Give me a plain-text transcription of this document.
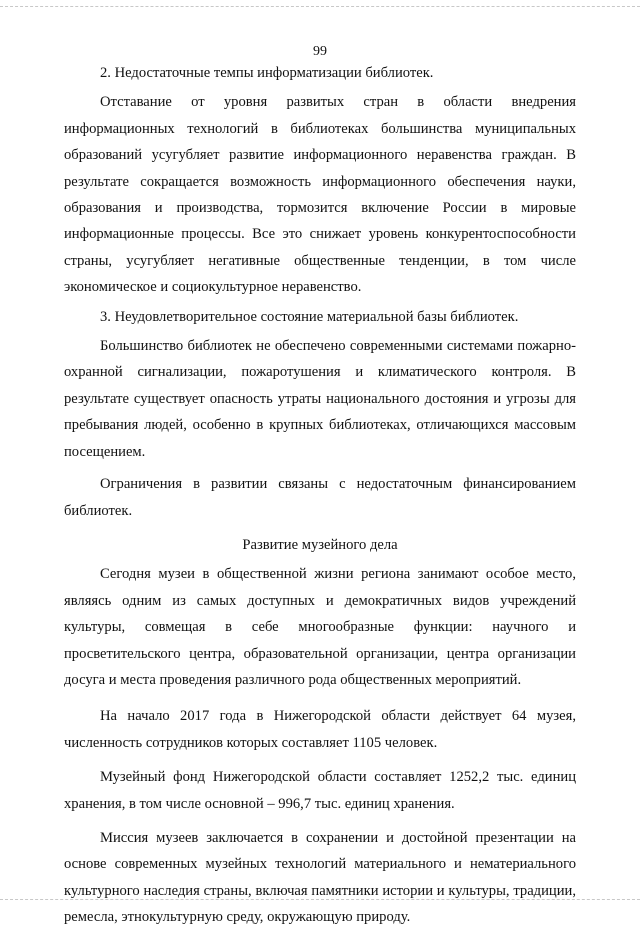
99

2. Недостаточные темпы информатизации библиотек.

Отставание от уровня развитых стран в области внедрения информационных технологий в библиотеках большинства муниципальных образований усугубляет развитие информационного неравенства граждан. В результате сокращается возможность информационного обеспечения науки, образования и производства, тормозится включение России в мировые информационные процессы. Все это снижает уровень конкурентоспособности страны, усугубляет негативные общественные тенденции, в том числе экономическое и социокультурное неравенство.

3. Неудовлетворительное состояние материальной базы библиотек.

Большинство библиотек не обеспечено современными системами пожарно-охранной сигнализации, пожаротушения и климатического контроля. В результате существует опасность утраты национального достояния и угрозы для пребывания людей, особенно в крупных библиотеках, отличающихся массовым посещением.

Ограничения в развитии связаны с недостаточным финансированием библиотек.

Развитие музейного дела

Сегодня музеи в общественной жизни региона занимают особое место, являясь одним из самых доступных и демократичных видов учреждений культуры, совмещая в себе многообразные функции: научного и просветительского центра, образовательной организации, центра организации досуга и места проведения различного рода общественных мероприятий.

На начало 2017 года в Нижегородской области действует 64 музея, численность сотрудников которых составляет 1105 человек.

Музейный фонд Нижегородской области составляет 1252,2 тыс. единиц хранения, в том числе основной – 996,7 тыс. единиц хранения.

Миссия музеев заключается в сохранении и достойной презентации на основе современных музейных технологий материального и нематериального культурного наследия страны, включая памятники истории и культуры, традиции, ремесла, этнокультурную среду, окружающую природу.
